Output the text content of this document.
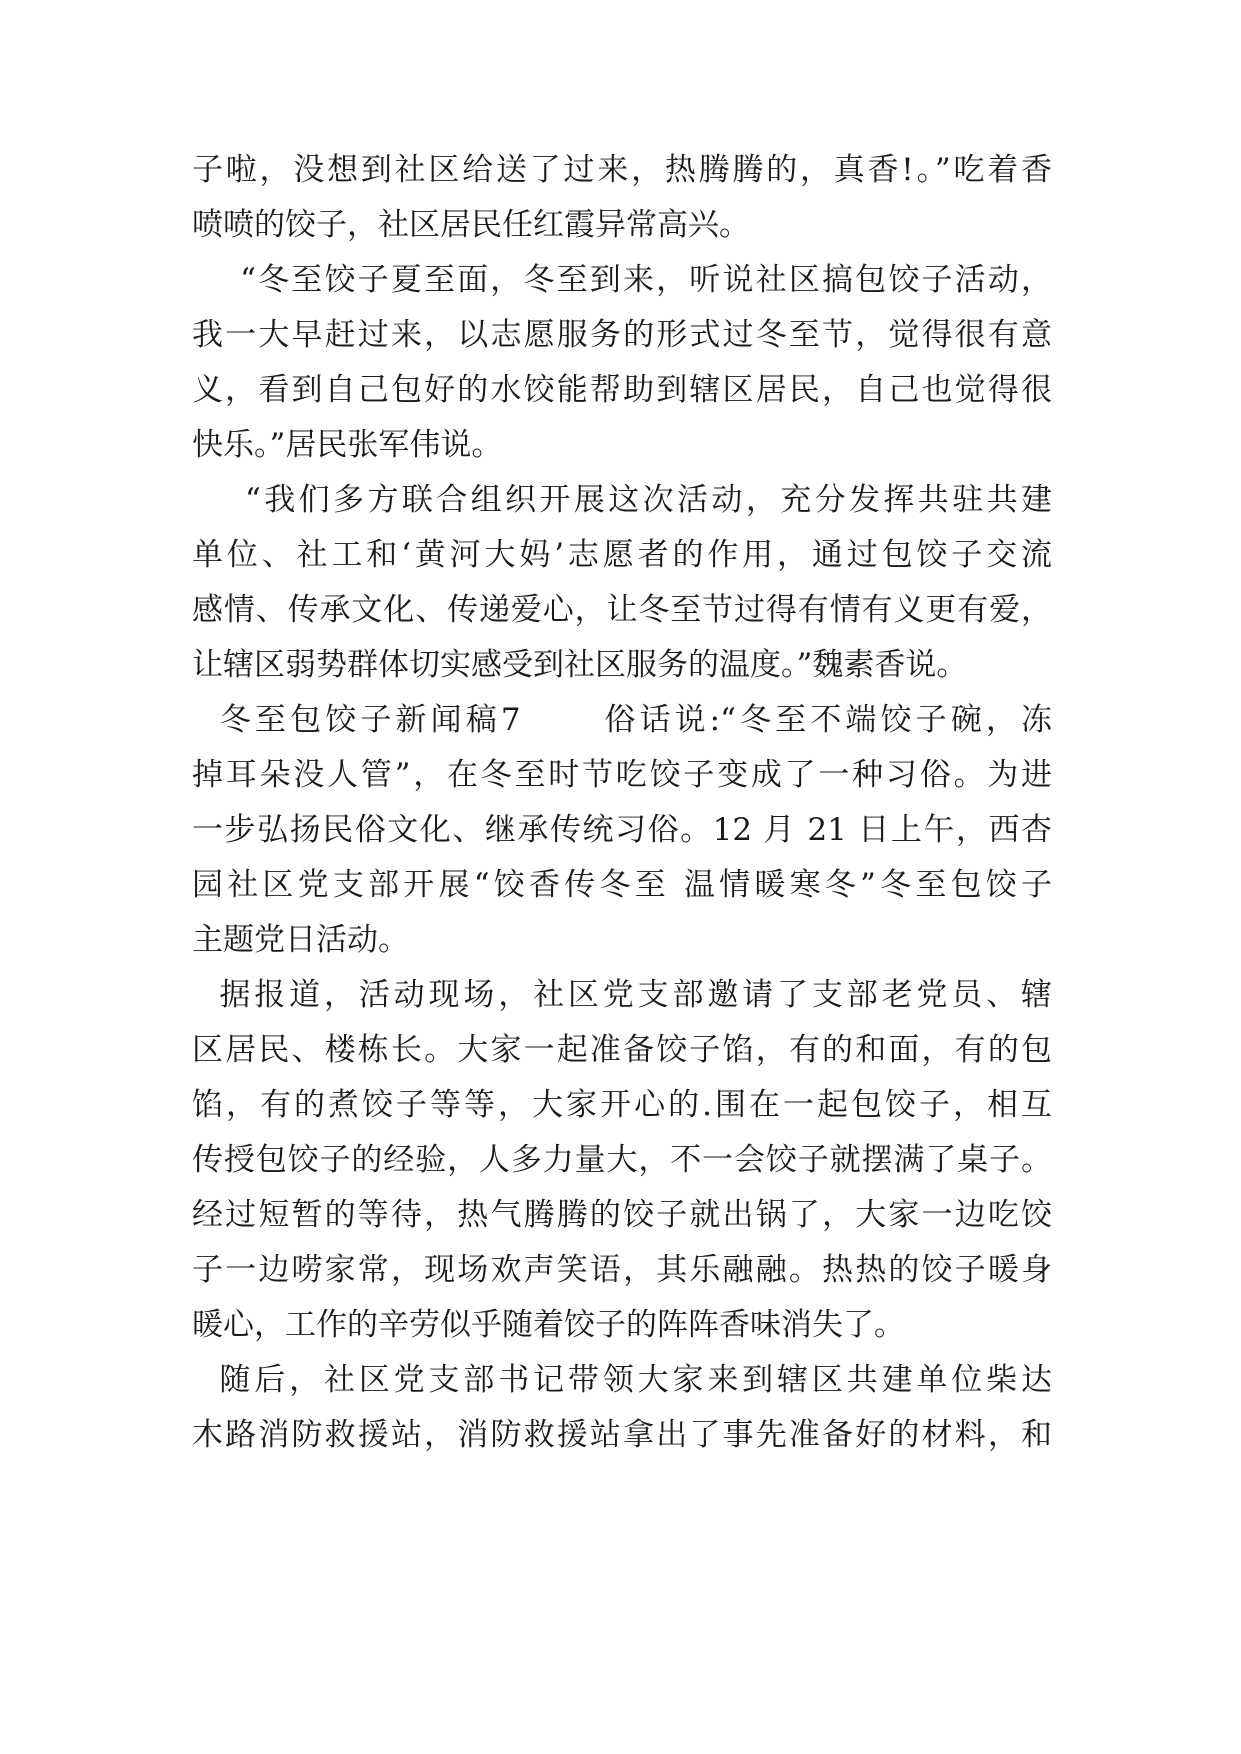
子啦，没想到社区给送了过来，热腾腾的，真香!。”吃着香
喷喷的饺子，社区居民任红霞异常高兴。
“冬至饺子夏至面，冬至到来，听说社区搞包饺子活动，
我一大早赶过来，以志愿服务的形式过冬至节，觉得很有意
义，看到自己包好的水饺能帮助到辖区居民，自己也觉得很
快乐。”居民张军伟说。
“我们多方联合组织开展这次活动，充分发挥共驻共建
单位、社工和‘黄河大妈’志愿者的作用，通过包饺子交流
感情、传承文化、传递爱心，让冬至节过得有情有义更有爱，
让辖区弱势群体切实感受到社区服务的温度。”魏素香说。
冬至包饺子新闻稿7      俗话说:“冬至不端饺子碗，冻
掉耳朵没人管”，在冬至时节吃饺子变成了一种习俗。为进
一步弘扬民俗文化、继承传统习俗。12 月 21 日上午，西杏
园社区党支部开展“饺香传冬至 温情暖寒冬”冬至包饺子
主题党日活动。
据报道，活动现场，社区党支部邀请了支部老党员、辖
区居民、楼栋长。大家一起准备饺子馅，有的和面，有的包
馅，有的煮饺子等等，大家开心的.围在一起包饺子，相互
传授包饺子的经验，人多力量大，不一会饺子就摆满了桌子。
经过短暂的等待，热气腾腾的饺子就出锅了，大家一边吃饺
子一边唠家常，现场欢声笑语，其乐融融。热热的饺子暖身
暖心，工作的辛劳似乎随着饺子的阵阵香味消失了。
随后，社区党支部书记带领大家来到辖区共建单位柴达
木路消防救援站，消防救援站拿出了事先准备好的材料，和
